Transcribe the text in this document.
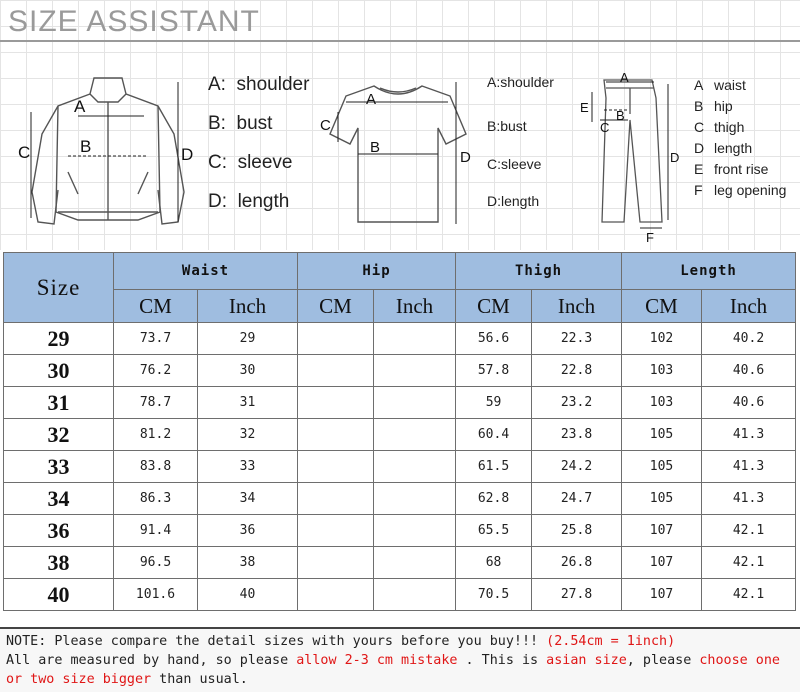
SIZE ASSISTANT
A
B
C	D
A: shoulder
B: bust
C: sleeve
D: length
A
B
C
D
A:shoulder
B:bust
C:sleeve
D:length
A
B
C
D
E
F
A waist
B hip
C thigh
D length
E front rise
F leg opening
Size	Waist		Hip		Thigh		Length	
	CM	Inch	CM	Inch	CM	Inch	CM	Inch
29	73.7	29			56.6	22.3	102	40.2
30	76.2	30			57.8	22.8	103	40.6
31	78.7	31			59	23.2	103	40.6
32	81.2	32			60.4	23.8	105	41.3
33	83.8	33			61.5	24.2	105	41.3
34	86.3	34			62.8	24.7	105	41.3
36	91.4	36			65.5	25.8	107	42.1
38	96.5	38			68	26.8	107	42.1
40	101.6	40			70.5	27.8	107	42.1
NOTE: Please compare the detail sizes with yours before you buy!!! (2.54cm = 1inch)
All are measured by hand, so please allow 2-3 cm mistake . This is asian size, please choose one
or two size bigger than usual.
